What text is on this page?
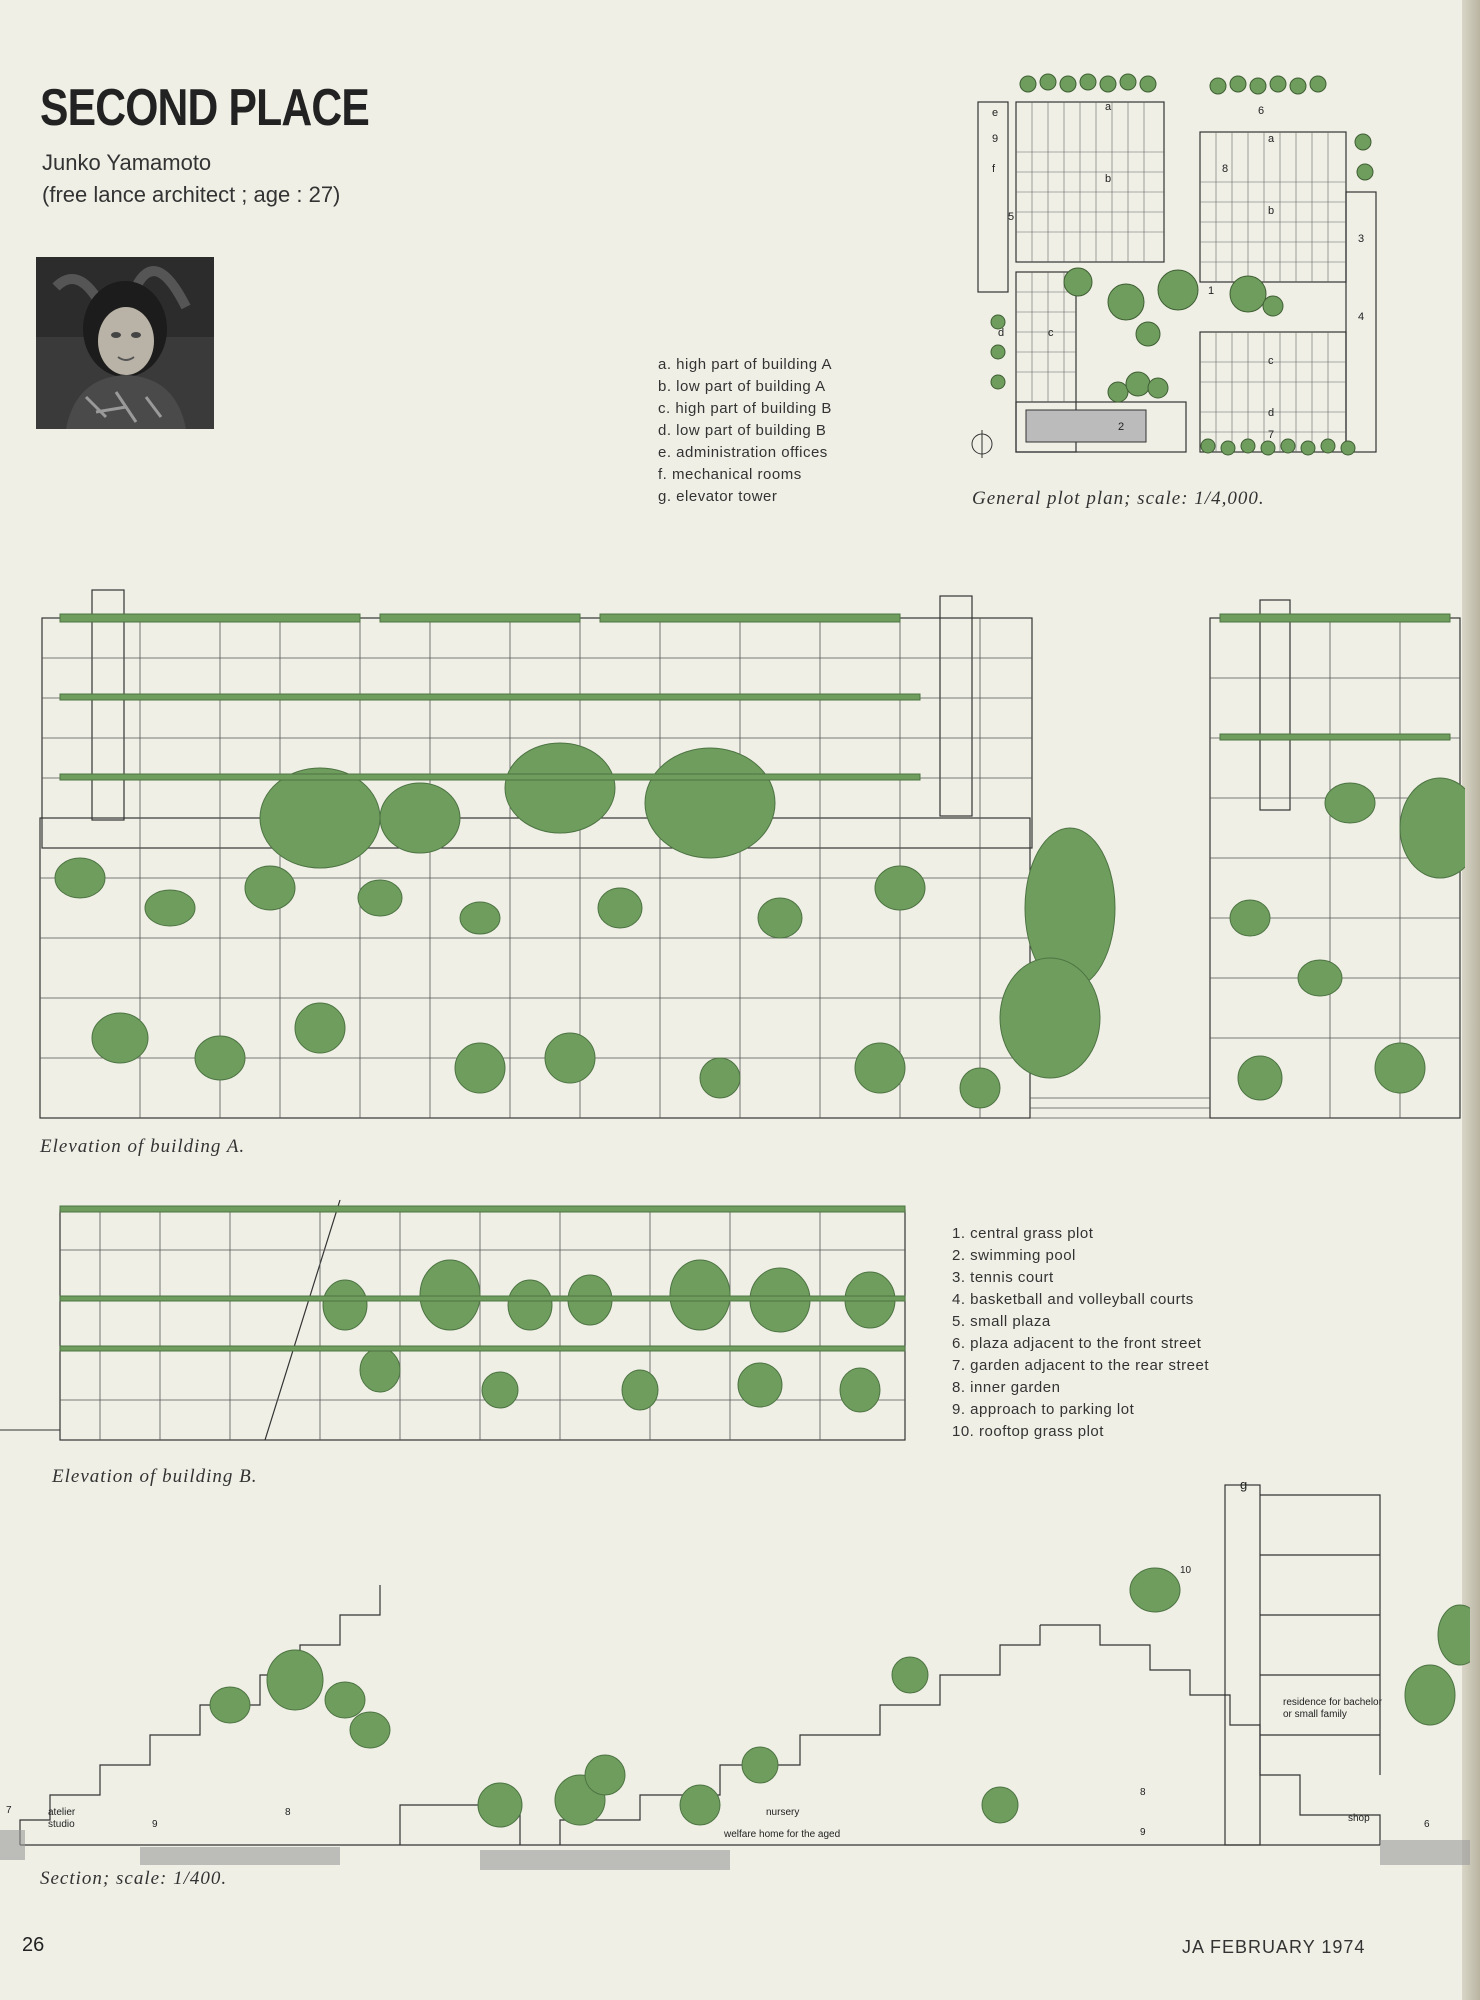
SECOND PLACE
Junko Yamamoto
(free lance architect ; age : 27)
a. high part of building A
b. low part of building A
c. high part of building B
d. low part of building B
e. administration offices
f. mechanical rooms
g. elevator tower
a
a
b
b
c
c
d
d
e
f
1
2
3
4
5
6
7
8
9
General plot plan; scale: 1/4,000.
Elevation of building A.
Elevation of building B.
1. central grass plot
2. swimming pool
3. tennis court
4. basketball and volleyball courts
5. small plaza
6. plaza adjacent to the front street
7. garden adjacent to the rear street
8. inner garden
9. approach to parking lot
10. rooftop grass plot
atelier
studio
nursery
welfare home for the aged
residence for bachelor
or small family
shop
g
10
9
9
8
8
7
6
Section; scale: 1/400.
26	JA FEBRUARY 1974
